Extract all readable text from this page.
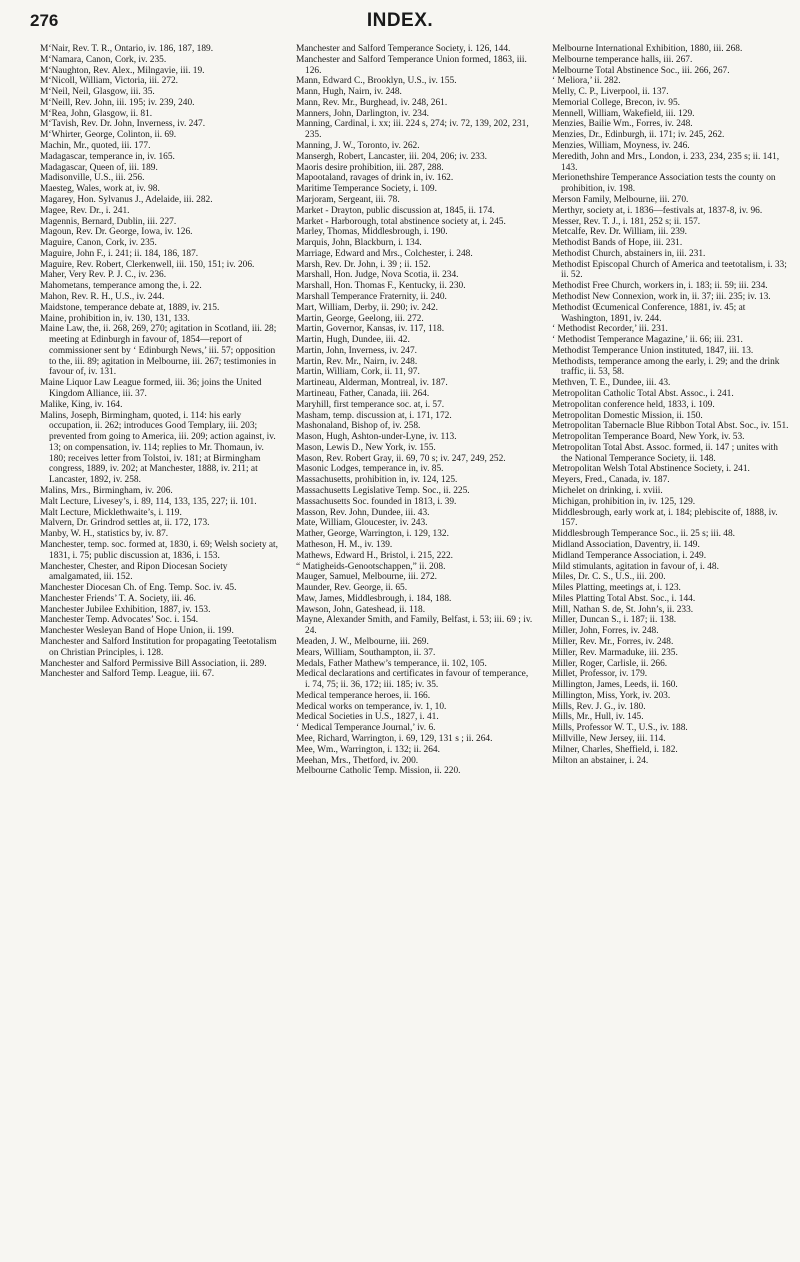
276	INDEX.

M‘Nair, Rev. T. R., Ontario, iv. 186, 187, 189.

M‘Namara, Canon, Cork, iv. 235.

M‘Naughton, Rev. Alex., Milngavie, iii. 19.

M‘Nicoll, William, Victoria, iii. 272.

M‘Neil, Neil, Glasgow, iii. 35.

M‘Neill, Rev. John, iii. 195; iv. 239, 240.

M‘Rea, John, Glasgow, ii. 81.

M‘Tavish, Rev. Dr. John, Inverness, iv. 247.

M‘Whirter, George, Colinton, ii. 69.

Machin, Mr., quoted, iii. 177.

Madagascar, temperance in, iv. 165.

Madagascar, Queen of, iii. 189.

Madisonville, U.S., iii. 256.

Maesteg, Wales, work at, iv. 98.

Magarey, Hon. Sylvanus J., Adelaide, iii. 282.

Magee, Rev. Dr., i. 241.

Magennis, Bernard, Dublin, iii. 227.

Magoun, Rev. Dr. George, Iowa, iv. 126.

Maguire, Canon, Cork, iv. 235.

Maguire, John F., i. 241; ii. 184, 186, 187.

Maguire, Rev. Robert, Clerkenwell, iii. 150, 151; iv. 206.

Maher, Very Rev. P. J. C., iv. 236.

Mahometans, temperance among the, i. 22.

Mahon, Rev. R. H., U.S., iv. 244.

Maidstone, temperance debate at, 1889, iv. 215.

Maine, prohibition in, iv. 130, 131, 133.

Maine Law, the, ii. 268, 269, 270; agitation in Scotland, iii. 28; meeting at Edinburgh in favour of, 1854—report of commissioner sent by ‘ Edinburgh News,’ iii. 57; opposition to the, iii. 89; agitation in Melbourne, iii. 267; testimonies in favour of, iv. 131.

Maine Liquor Law League formed, iii. 36; joins the United Kingdom Alliance, iii. 37.

Malike, King, iv. 164.

Malins, Joseph, Birmingham, quoted, i. 114: his early occupation, ii. 262; introduces Good Templary, iii. 203; prevented from going to America, iii. 209; action against, iv. 13; on compensation, iv. 114; replies to Mr. Thomaun, iv. 180; receives letter from Tolstoi, iv. 181; at Birmingham congress, 1889, iv. 202; at Manchester, 1888, iv. 211; at Lancaster, 1892, iv. 258.

Malins, Mrs., Birmingham, iv. 206.

Malt Lecture, Livesey’s, i. 89, 114, 133, 135, 227; ii. 101.

Malt Lecture, Micklethwaite’s, i. 119.

Malvern, Dr. Grindrod settles at, ii. 172, 173.

Manby, W. H., statistics by, iv. 87.

Manchester, temp. soc. formed at, 1830, i. 69; Welsh society at, 1831, i. 75; public discussion at, 1836, i. 153.

Manchester, Chester, and Ripon Diocesan Society amalgamated, iii. 152.

Manchester Diocesan Ch. of Eng. Temp. Soc. iv. 45.

Manchester Friends’ T. A. Society, iii. 46.

Manchester Jubilee Exhibition, 1887, iv. 153.

Manchester Temp. Advocates’ Soc. i. 154.

Manchester Wesleyan Band of Hope Union, ii. 199.

Manchester and Salford Institution for propagating Teetotalism on Christian Principles, i. 128.

Manchester and Salford Permissive Bill Association, ii. 289.

Manchester and Salford Temp. League, iii. 67.

Manchester and Salford Temperance Society, i. 126, 144.

Manchester and Salford Temperance Union formed, 1863, iii. 126.

Mann, Edward C., Brooklyn, U.S., iv. 155.

Mann, Hugh, Nairn, iv. 248.

Mann, Rev. Mr., Burghead, iv. 248, 261.

Manners, John, Darlington, iv. 234.

Manning, Cardinal, i. xx; iii. 224 s, 274; iv. 72, 139, 202, 231, 235.

Manning, J. W., Toronto, iv. 262.

Mansergh, Robert, Lancaster, iii. 204, 206; iv. 233.

Maoris desire prohibition, iii. 287, 288.

Mapootaland, ravages of drink in, iv. 162.

Maritime Temperance Society, i. 109.

Marjoram, Sergeant, iii. 78.

Market - Drayton, public discussion at, 1845, ii. 174.

Market - Harborough, total abstinence society at, i. 245.

Marley, Thomas, Middlesbrough, i. 190.

Marquis, John, Blackburn, i. 134.

Marriage, Edward and Mrs., Colchester, i. 248.

Marsh, Rev. Dr. John, i. 39 ; ii. 152.

Marshall, Hon. Judge, Nova Scotia, ii. 234.

Marshall, Hon. Thomas F., Kentucky, ii. 230.

Marshall Temperance Fraternity, ii. 240.

Mart, William, Derby, ii. 290; iv. 242.

Martin, George, Geelong, iii. 272.

Martin, Governor, Kansas, iv. 117, 118.

Martin, Hugh, Dundee, iii. 42.

Martin, John, Inverness, iv. 247.

Martin, Rev. Mr., Nairn, iv. 248.

Martin, William, Cork, ii. 11, 97.

Martineau, Alderman, Montreal, iv. 187.

Martineau, Father, Canada, iii. 264.

Maryhill, first temperance soc. at, i. 57.

Masham, temp. discussion at, i. 171, 172.

Mashonaland, Bishop of, iv. 258.

Mason, Hugh, Ashton-under-Lyne, iv. 113.

Mason, Lewis D., New York, iv. 155.

Mason, Rev. Robert Gray, ii. 69, 70 s; iv. 247, 249, 252.

Masonic Lodges, temperance in, iv. 85.

Massachusetts, prohibition in, iv. 124, 125.

Massachusetts Legislative Temp. Soc., ii. 225.

Massachusetts Soc. founded in 1813, i. 39.

Masson, Rev. John, Dundee, iii. 43.

Mate, William, Gloucester, iv. 243.

Mather, George, Warrington, i. 129, 132.

Matheson, H. M., iv. 139.

Mathews, Edward H., Bristol, i. 215, 222.

“ Matigheids-Genootschappen,” ii. 208.

Mauger, Samuel, Melbourne, iii. 272.

Maunder, Rev. George, ii. 65.

Maw, James, Middlesbrough, i. 184, 188.

Mawson, John, Gateshead, ii. 118.

Mayne, Alexander Smith, and Family, Belfast, i. 53; iii. 69 ; iv. 24.

Meaden, J. W., Melbourne, iii. 269.

Mears, William, Southampton, ii. 37.

Medals, Father Mathew’s temperance, ii. 102, 105.

Medical declarations and certificates in favour of temperance, i. 74, 75; ii. 36, 172; iii. 185; iv. 35.

Medical temperance heroes, ii. 166.

Medical works on temperance, iv. 1, 10.

Medical Societies in U.S., 1827, i. 41.

‘ Medical Temperance Journal,’ iv. 6.

Mee, Richard, Warrington, i. 69, 129, 131 s ; ii. 264.

Mee, Wm., Warrington, i. 132; ii. 264.

Meehan, Mrs., Thetford, iv. 200.

Melbourne Catholic Temp. Mission, ii. 220.

Melbourne International Exhibition, 1880, iii. 268.

Melbourne temperance halls, iii. 267.

Melbourne Total Abstinence Soc., iii. 266, 267.

‘ Meliora,’ ii. 282.

Melly, C. P., Liverpool, ii. 137.

Memorial College, Brecon, iv. 95.

Mennell, William, Wakefield, iii. 129.

Menzies, Bailie Wm., Forres, iv. 248.

Menzies, Dr., Edinburgh, ii. 171; iv. 245, 262.

Menzies, William, Moyness, iv. 246.

Meredith, John and Mrs., London, i. 233, 234, 235 s; ii. 141, 143.

Merionethshire Temperance Association tests the county on prohibition, iv. 198.

Merson Family, Melbourne, iii. 270.

Merthyr, society at, i. 1836—festivals at, 1837-8, iv. 96.

Messer, Rev. T. J., i. 181, 252 s; ii. 157.

Metcalfe, Rev. Dr. William, iii. 239.

Methodist Bands of Hope, iii. 231.

Methodist Church, abstainers in, iii. 231.

Methodist Episcopal Church of America and teetotalism, i. 33; ii. 52.

Methodist Free Church, workers in, i. 183; ii. 59; iii. 234.

Methodist New Connexion, work in, ii. 37; iii. 235; iv. 13.

Methodist Œcumenical Conference, 1881, iv. 45; at Washington, 1891, iv. 244.

‘ Methodist Recorder,’ iii. 231.

‘ Methodist Temperance Magazine,’ ii. 66; iii. 231.

Methodist Temperance Union instituted, 1847, iii. 13.

Methodists, temperance among the early, i. 29; and the drink traffic, ii. 53, 58.

Methven, T. E., Dundee, iii. 43.

Metropolitan Catholic Total Abst. Assoc., i. 241.

Metropolitan conference held, 1833, i. 109.

Metropolitan Domestic Mission, ii. 150.

Metropolitan Tabernacle Blue Ribbon Total Abst. Soc., iv. 151.

Metropolitan Temperance Board, New York, iv. 53.

Metropolitan Total Abst. Assoc. formed, ii. 147 ; unites with the National Temperance Society, ii. 148.

Metropolitan Welsh Total Abstinence Society, i. 241.

Meyers, Fred., Canada, iv. 187.

Michelet on drinking, i. xviii.

Michigan, prohibition in, iv. 125, 129.

Middlesbrough, early work at, i. 184; plebiscite of, 1888, iv. 157.

Middlesbrough Temperance Soc., ii. 25 s; iii. 48.

Midland Association, Daventry, ii. 149.

Midland Temperance Association, i. 249.

Mild stimulants, agitation in favour of, i. 48.

Miles, Dr. C. S., U.S., iii. 200.

Miles Platting, meetings at, i. 123.

Miles Platting Total Abst. Soc., i. 144.

Mill, Nathan S. de, St. John’s, ii. 233.

Miller, Duncan S., i. 187; ii. 138.

Miller, John, Forres, iv. 248.

Miller, Rev. Mr., Forres, iv. 248.

Miller, Rev. Marmaduke, iii. 235.

Miller, Roger, Carlisle, ii. 266.

Millet, Professor, iv. 179.

Millington, James, Leeds, ii. 160.

Millington, Miss, York, iv. 203.

Mills, Rev. J. G., iv. 180.

Mills, Mr., Hull, iv. 145.

Mills, Professor W. T., U.S., iv. 188.

Millville, New Jersey, iii. 114.

Milner, Charles, Sheffield, i. 182.

Milton an abstainer, i. 24.
